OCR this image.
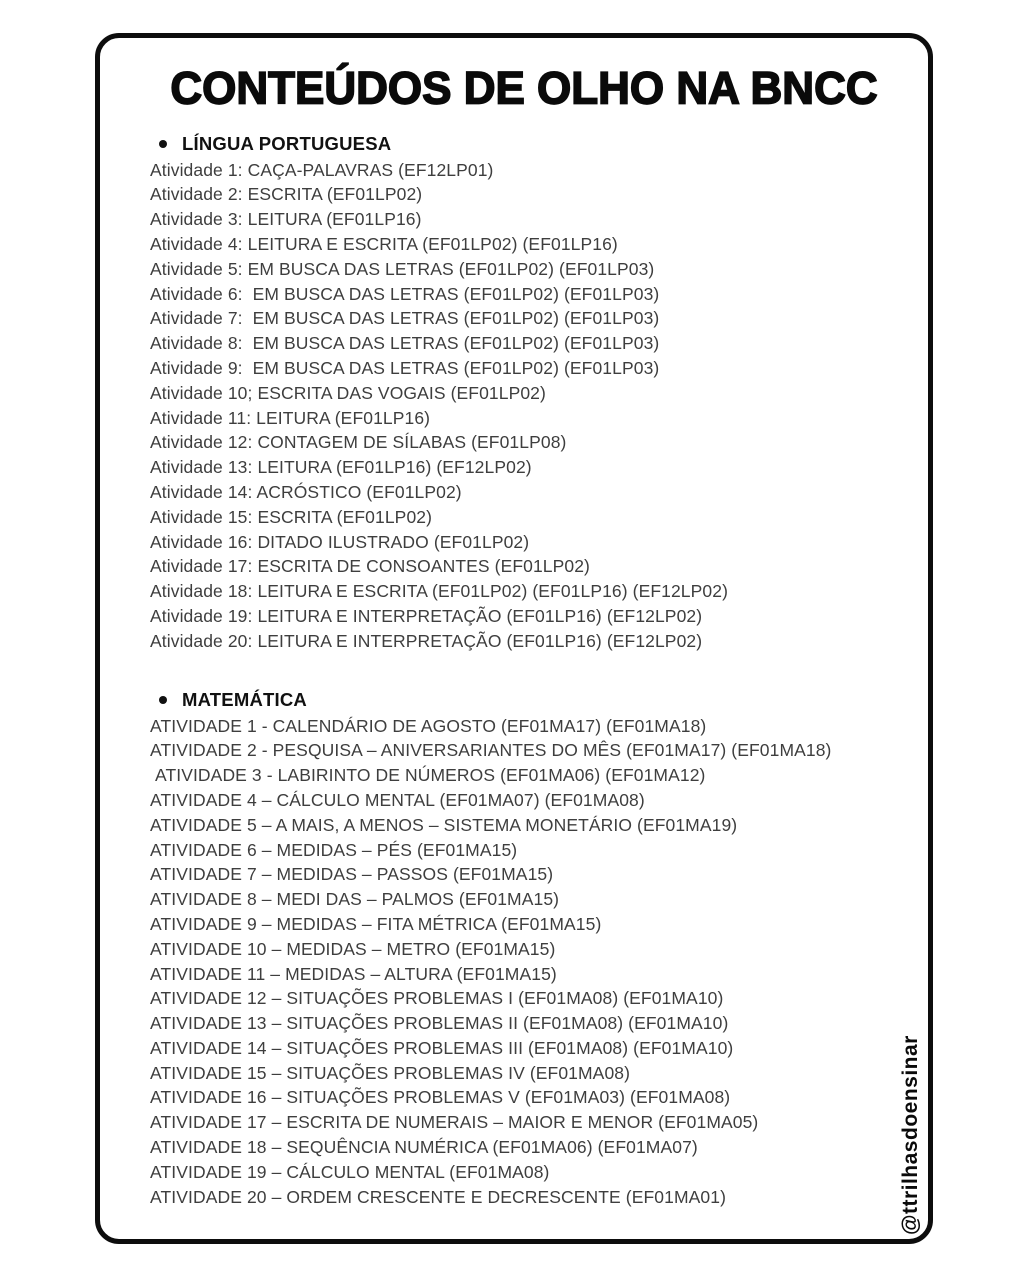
CONTEÚDOS DE OLHO NA BNCC
LÍNGUA PORTUGUESA
Atividade 1: CAÇA-PALAVRAS (EF12LP01)
Atividade 2: ESCRITA (EF01LP02)
Atividade 3: LEITURA (EF01LP16)
Atividade 4: LEITURA E ESCRITA (EF01LP02) (EF01LP16)
Atividade 5: EM BUSCA DAS LETRAS (EF01LP02) (EF01LP03)
Atividade 6:  EM BUSCA DAS LETRAS (EF01LP02) (EF01LP03)
Atividade 7:  EM BUSCA DAS LETRAS (EF01LP02) (EF01LP03)
Atividade 8:  EM BUSCA DAS LETRAS (EF01LP02) (EF01LP03)
Atividade 9:  EM BUSCA DAS LETRAS (EF01LP02) (EF01LP03)
Atividade 10; ESCRITA DAS VOGAIS (EF01LP02)
Atividade 11: LEITURA (EF01LP16)
Atividade 12: CONTAGEM DE SÍLABAS (EF01LP08)
Atividade 13: LEITURA (EF01LP16) (EF12LP02)
Atividade 14: ACRÓSTICO (EF01LP02)
Atividade 15: ESCRITA (EF01LP02)
Atividade 16: DITADO ILUSTRADO (EF01LP02)
Atividade 17: ESCRITA DE CONSOANTES (EF01LP02)
Atividade 18: LEITURA E ESCRITA (EF01LP02) (EF01LP16) (EF12LP02)
Atividade 19: LEITURA E INTERPRETAÇÃO (EF01LP16) (EF12LP02)
Atividade 20: LEITURA E INTERPRETAÇÃO (EF01LP16) (EF12LP02)
MATEMÁTICA
ATIVIDADE 1 - CALENDÁRIO DE AGOSTO (EF01MA17) (EF01MA18)
ATIVIDADE 2 - PESQUISA – ANIVERSARIANTES DO MÊS (EF01MA17) (EF01MA18)
ATIVIDADE 3 - LABIRINTO DE NÚMEROS (EF01MA06) (EF01MA12)
ATIVIDADE 4 – CÁLCULO MENTAL (EF01MA07) (EF01MA08)
ATIVIDADE 5 – A MAIS, A MENOS – SISTEMA MONETÁRIO (EF01MA19)
ATIVIDADE 6 – MEDIDAS – PÉS (EF01MA15)
ATIVIDADE 7 – MEDIDAS – PASSOS (EF01MA15)
ATIVIDADE 8 – MEDI DAS – PALMOS (EF01MA15)
ATIVIDADE 9 – MEDIDAS – FITA MÉTRICA (EF01MA15)
ATIVIDADE 10 – MEDIDAS – METRO (EF01MA15)
ATIVIDADE 11 – MEDIDAS – ALTURA (EF01MA15)
ATIVIDADE 12 – SITUAÇÕES PROBLEMAS I (EF01MA08) (EF01MA10)
ATIVIDADE 13 – SITUAÇÕES PROBLEMAS II (EF01MA08) (EF01MA10)
ATIVIDADE 14 – SITUAÇÕES PROBLEMAS III (EF01MA08) (EF01MA10)
ATIVIDADE 15 – SITUAÇÕES PROBLEMAS IV (EF01MA08)
ATIVIDADE 16 – SITUAÇÕES PROBLEMAS V (EF01MA03) (EF01MA08)
ATIVIDADE 17 – ESCRITA DE NUMERAIS – MAIOR E MENOR (EF01MA05)
ATIVIDADE 18 – SEQUÊNCIA NUMÉRICA (EF01MA06) (EF01MA07)
ATIVIDADE 19 – CÁLCULO MENTAL (EF01MA08)
ATIVIDADE 20 – ORDEM CRESCENTE E DECRESCENTE (EF01MA01)	@ttrilhasdoensinar
